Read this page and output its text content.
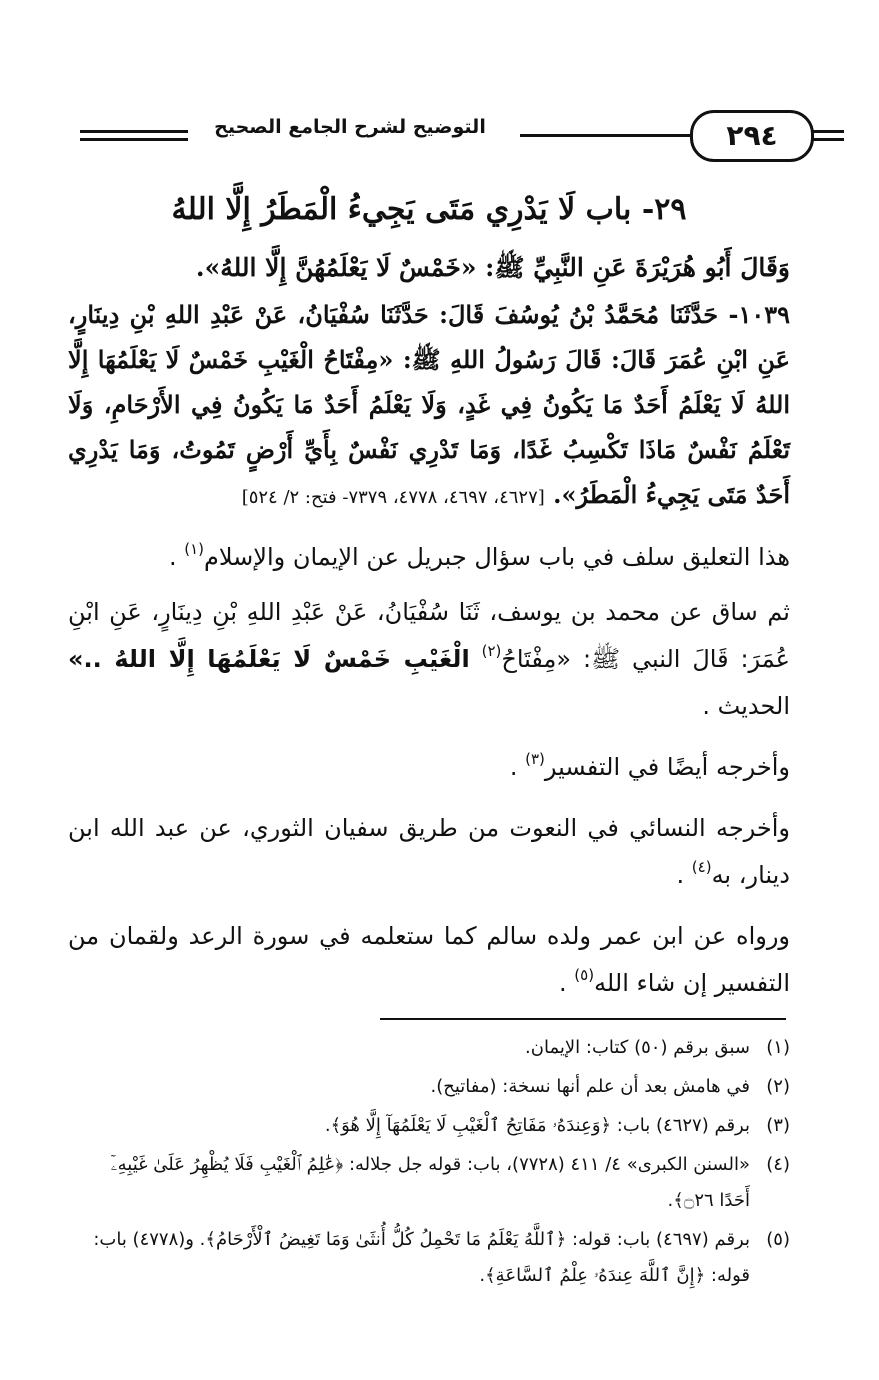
التوضيح لشرح الجامع الصحيح	٢٩٤
٢٩- باب لَا يَدْرِي مَتَى يَجِيءُ الْمَطَرُ إِلَّا اللهُ

وَقَالَ أَبُو هُرَيْرَةَ عَنِ النَّبِيِّ ﷺ: «خَمْسٌ لَا يَعْلَمُهُنَّ إِلَّا اللهُ».

١٠٣٩- حَدَّثَنَا مُحَمَّدُ بْنُ يُوسُفَ قَالَ: حَدَّثَنَا سُفْيَانُ، عَنْ عَبْدِ اللهِ بْنِ دِينَارٍ، عَنِ ابْنِ عُمَرَ قَالَ: قَالَ رَسُولُ اللهِ ﷺ: «مِفْتَاحُ الْغَيْبِ خَمْسٌ لَا يَعْلَمُهَا إِلَّا اللهُ لَا يَعْلَمُ أَحَدٌ مَا يَكُونُ فِي غَدٍ، وَلَا يَعْلَمُ أَحَدٌ مَا يَكُونُ فِي الأَرْحَامِ، وَلَا تَعْلَمُ نَفْسٌ مَاذَا تَكْسِبُ غَدًا، وَمَا تَدْرِي نَفْسٌ بِأَيِّ أَرْضٍ تَمُوتُ، وَمَا يَدْرِي أَحَدٌ مَتَى يَجِيءُ الْمَطَرُ». [٤٦٢٧، ٤٦٩٧، ٤٧٧٨، ٧٣٧٩- فتح: ٢/ ٥٢٤]

هذا التعليق سلف في باب سؤال جبريل عن الإيمان والإسلام$^{(١)}$ .

ثم ساق عن محمد بن يوسف، ثَنَا سُفْيَانُ، عَنْ عَبْدِ اللهِ بْنِ دِينَارٍ، عَنِ ابْنِ عُمَرَ: قَالَ النبي ﷺ: «مِفْتَاحُ$^{(٢)}$ الْغَيْبِ خَمْسٌ لَا يَعْلَمُهَا إِلَّا اللهُ ..» الحديث .

وأخرجه أيضًا في التفسير$^{(٣)}$ .

وأخرجه النسائي في النعوت من طريق سفيان الثوري، عن عبد الله ابن دينار، به$^{(٤)}$ .

ورواه عن ابن عمر ولده سالم كما ستعلمه في سورة الرعد ولقمان من التفسير إن شاء الله$^{(٥)}$ .

(١)
سبق برقم (٥٠) كتاب: الإيمان.
(٢)
في هامش بعد أن علم أنها نسخة: (مفاتيح).
(٣)
برقم (٤٦٢٧) باب: ﴿وَعِندَهُۥ مَفَاتِحُ ٱلْغَيْبِ لَا يَعْلَمُهَآ إِلَّا هُوَ﴾.
(٤)
«السنن الكبرى» ٤/ ٤١١ (٧٧٢٨)، باب: قوله جل جلاله: ﴿عَٰلِمُ ٱلْغَيْبِ فَلَا يُظْهِرُ عَلَىٰ غَيْبِهِۦٓ أَحَدًا ۝٢٦﴾.
(٥)
برقم (٤٦٩٧) باب: قوله: ﴿ٱللَّهُ يَعْلَمُ مَا تَحْمِلُ كُلُّ أُنثَىٰ وَمَا تَغِيضُ ٱلْأَرْحَامُ﴾. و(٤٧٧٨) باب: قوله: ﴿إِنَّ ٱللَّهَ عِندَهُۥ عِلْمُ ٱلسَّاعَةِ﴾.
